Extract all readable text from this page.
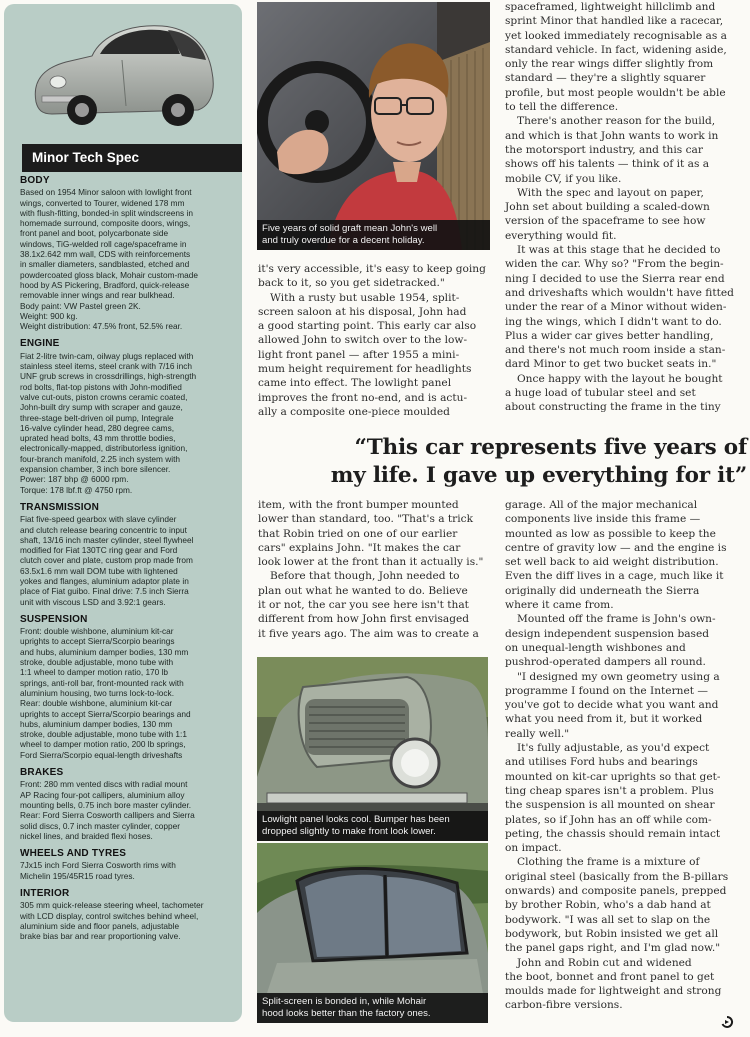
Minor Tech Spec
BODY
Based on 1954 Minor saloon with lowlight front
wings, converted to Tourer, widened 178 mm
with flush-fitting, bonded-in split windscreens in
homemade surround, composite doors, wings,
front panel and boot, polycarbonate side
windows, TiG-welded roll cage/spaceframe in
38.1x2.642 mm wall, CDS with reinforcements
in smaller diameters, sandblasted, etched and
powdercoated gloss black, Mohair custom-made
hood by AS Pickering, Bradford, quick-release
removable inner wings and rear bulkhead.
Body paint: VW Pastel green 2K.
Weight: 900 kg.
Weight distribution: 47.5% front, 52.5% rear.
ENGINE
Fiat 2-litre twin-cam, oilway plugs replaced with
stainless steel items, steel crank with 7/16 inch
UNF grub screws in crossdrillings, high-strength
rod bolts, flat-top pistons with John-modified
valve cut-outs, piston crowns ceramic coated,
John-built dry sump with scraper and gauze,
three-stage belt-driven oil pump, Integrale
16-valve cylinder head, 280 degree cams,
uprated head bolts, 43 mm throttle bodies,
electronically-mapped, distributorless ignition,
four-branch manifold, 2.25 inch system with
expansion chamber, 3 inch bore silencer.
Power: 187 bhp @ 6000 rpm.
Torque: 178 lbf.ft @ 4750 rpm.
TRANSMISSION
Fiat five-speed gearbox with slave cylinder
and clutch release bearing concentric to input
shaft, 13/16 inch master cylinder, steel flywheel
modified for Fiat 130TC ring gear and Ford
clutch cover and plate, custom prop made from
63.5x1.6 mm wall DOM tube with lightened
yokes and flanges, aluminium adaptor plate in
place of Fiat guibo. Final drive: 7.5 inch Sierra
unit with viscous LSD and 3.92:1 gears.
SUSPENSION
Front: double wishbone, aluminium kit-car
uprights to accept Sierra/Scorpio bearings
and hubs, aluminium damper bodies, 130 mm
stroke, double adjustable, mono tube with
1:1 wheel to damper motion ratio, 170 lb
springs, anti-roll bar, front-mounted rack with
aluminium housing, two turns lock-to-lock.
Rear: double wishbone, aluminium kit-car
uprights to accept Sierra/Scorpio bearings and
hubs, aluminium damper bodies, 130 mm
stroke, double adjustable, mono tube with 1:1
wheel to damper motion ratio, 200 lb springs,
Ford Sierra/Scorpio equal-length driveshafts
BRAKES
Front: 280 mm vented discs with radial mount
AP Racing four-pot callipers, aluminium alloy
mounting bells, 0.75 inch bore master cylinder.
Rear: Ford Sierra Cosworth callipers and Sierra
solid discs, 0.7 inch master cylinder, copper
nickel lines, and braided flexi hoses.
WHEELS AND TYRES
7Jx15 inch Ford Sierra Cosworth rims with
Michelin 195/45R15 road tyres.
INTERIOR
305 mm quick-release steering wheel, tachometer
with LCD display, control switches behind wheel,
aluminium side and floor panels, adjustable
brake bias bar and rear proportioning valve.
Five years of solid graft mean John's well
and truly overdue for a decent holiday.
Lowlight panel looks cool. Bumper has been
dropped slightly to make front look lower.
Split-screen is bonded in, while Mohair
hood looks better than the factory ones.

it's very accessible, it's easy to keep going
back to it, so you get sidetracked."

With a rusty but usable 1954, split-
screen saloon at his disposal, John had
a good starting point. This early car also
allowed John to switch over to the low-
light front panel — after 1955 a mini-
mum height requirement for headlights
came into effect. The lowlight panel
improves the front no-end, and is actu-
ally a composite one-piece moulded

spaceframed, lightweight hillclimb and
sprint Minor that handled like a racecar,
yet looked immediately recognisable as a
standard vehicle. In fact, widening aside,
only the rear wings differ slightly from
standard — they're a slightly squarer
profile, but most people wouldn't be able
to tell the difference.

There's another reason for the build,
and which is that John wants to work in
the motorsport industry, and this car
shows off his talents — think of it as a
mobile CV, if you like.

With the spec and layout on paper,
John set about building a scaled-down
version of the spaceframe to see how
everything would fit.

It was at this stage that he decided to
widen the car. Why so? "From the begin-
ning I decided to use the Sierra rear end
and driveshafts which wouldn't have fitted
under the rear of a Minor without widen-
ing the wings, which I didn't want to do.
Plus a wider car gives better handling,
and there's not much room inside a stan-
dard Minor to get two bucket seats in."

Once happy with the layout he bought
a huge load of tubular steel and set
about constructing the frame in the tiny

“This car represents five years of
my life. I gave up everything for it”

item, with the front bumper mounted
lower than standard, too. "That's a trick
that Robin tried on one of our earlier
cars" explains John. "It makes the car
look lower at the front than it actually is."

Before that though, John needed to
plan out what he wanted to do. Believe
it or not, the car you see here isn't that
different from how John first envisaged
it five years ago. The aim was to create a

garage. All of the major mechanical
components live inside this frame —
mounted as low as possible to keep the
centre of gravity low — and the engine is
set well back to aid weight distribution.
Even the diff lives in a cage, much like it
originally did underneath the Sierra
where it came from.

Mounted off the frame is John's own-
design independent suspension based
on unequal-length wishbones and
pushrod-operated dampers all round.

"I designed my own geometry using a
programme I found on the Internet —
you've got to decide what you want and
what you need from it, but it worked
really well."

It's fully adjustable, as you'd expect
and utilises Ford hubs and bearings
mounted on kit-car uprights so that get-
ting cheap spares isn't a problem. Plus
the suspension is all mounted on shear
plates, so if John has an off while com-
peting, the chassis should remain intact
on impact.

Clothing the frame is a mixture of
original steel (basically from the B-pillars
onwards) and composite panels, prepped
by brother Robin, who's a dab hand at
bodywork. "I was all set to slap on the
bodywork, but Robin insisted we get all
the panel gaps right, and I'm glad now."

John and Robin cut and widened
the boot, bonnet and front panel to get
moulds made for lightweight and strong
carbon-fibre versions.
